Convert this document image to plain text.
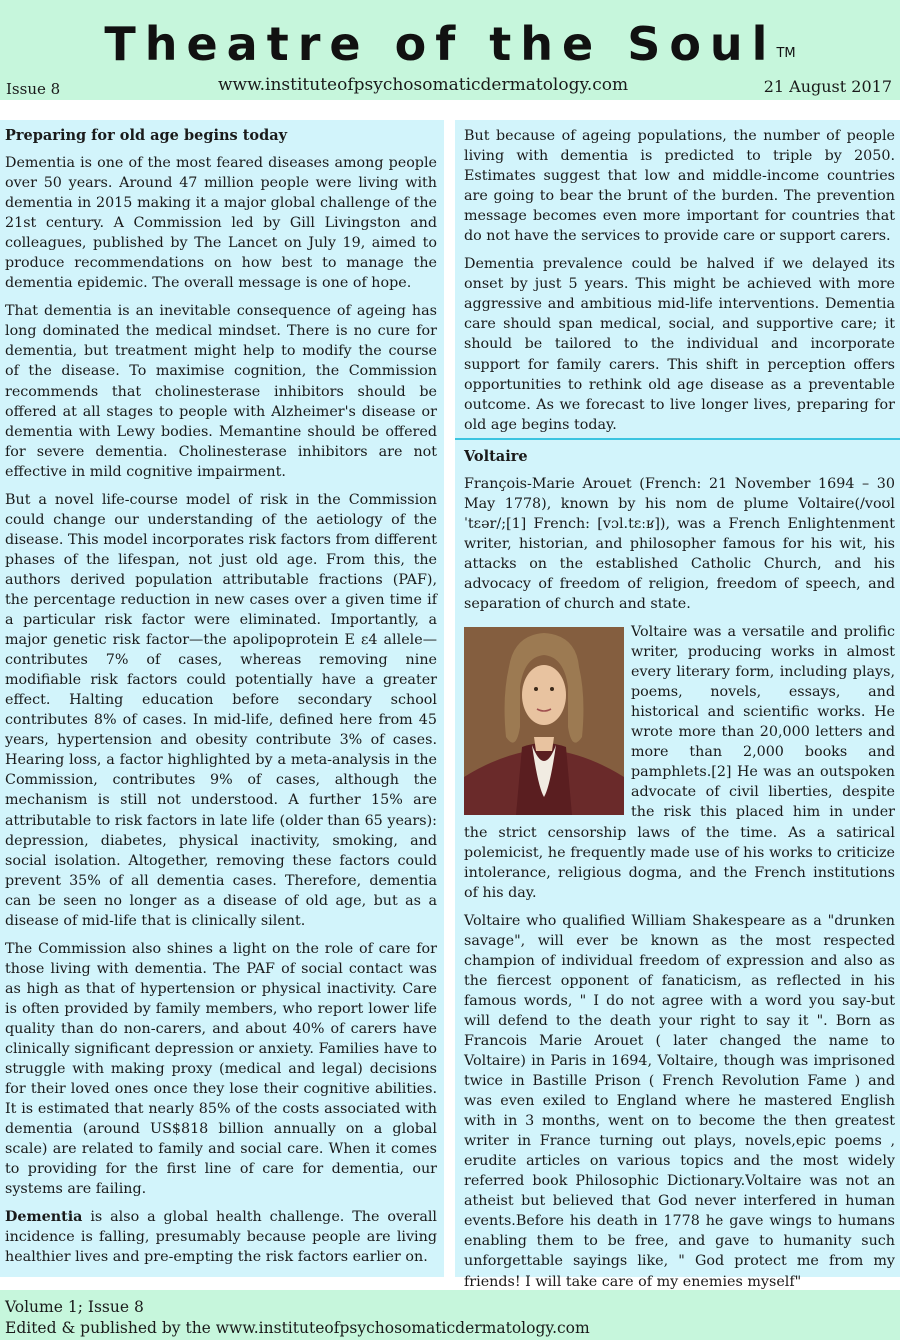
Theatre of the Soul™
Issue 8	www.instituteofpsychosomaticdermatology.com	21 August 2017
Preparing for old age begins today

Dementia is one of the most feared diseases among people over 50 years. Around 47 million people were living with dementia in 2015 making it a major global challenge of the 21st century. A Commission led by Gill Livingston and colleagues, published by The Lancet on July 19, aimed to produce recommendations on how best to manage the dementia epidemic. The overall message is one of hope.

That dementia is an inevitable consequence of ageing has long dominated the medical mindset. There is no cure for dementia, but treatment might help to modify the course of the disease. To maximise cognition, the Commission recommends that cholinesterase inhibitors should be offered at all stages to people with Alzheimer's disease or dementia with Lewy bodies. Memantine should be offered for severe dementia. Cholinesterase inhibitors are not effective in mild cognitive impairment.

But a novel life-course model of risk in the Commission could change our understanding of the aetiology of the disease. This model incorporates risk factors from different phases of the lifespan, not just old age. From this, the authors derived population attributable fractions (PAF), the percentage reduction in new cases over a given time if a particular risk factor were eliminated. Importantly, a major genetic risk factor—the apolipoprotein E ε4 allele—contributes 7% of cases, whereas removing nine modifiable risk factors could potentially have a greater effect. Halting education before secondary school contributes 8% of cases. In mid-life, defined here from 45 years, hypertension and obesity contribute 3% of cases. Hearing loss, a factor highlighted by a meta-analysis in the Commission, contributes 9% of cases, although the mechanism is still not understood. A further 15% are attributable to risk factors in late life (older than 65 years): depression, diabetes, physical inactivity, smoking, and social isolation. Altogether, removing these factors could prevent 35% of all dementia cases. Therefore, dementia can be seen no longer as a disease of old age, but as a disease of mid-life that is clinically silent.

The Commission also shines a light on the role of care for those living with dementia. The PAF of social contact was as high as that of hypertension or physical inactivity. Care is often provided by family members, who report lower life quality than do non-carers, and about 40% of carers have clinically significant depression or anxiety. Families have to struggle with making proxy (medical and legal) decisions for their loved ones once they lose their cognitive abilities. It is estimated that nearly 85% of the costs associated with dementia (around US$818 billion annually on a global scale) are related to family and social care. When it comes to providing for the first line of care for dementia, our systems are failing.

Dementia is also a global health challenge. The overall incidence is falling, presumably because people are living healthier lives and pre-empting the risk factors earlier on.

But because of ageing populations, the number of people living with dementia is predicted to triple by 2050. Estimates suggest that low and middle-income countries are going to bear the brunt of the burden. The prevention message becomes even more important for countries that do not have the services to provide care or support carers.

Dementia prevalence could be halved if we delayed its onset by just 5 years. This might be achieved with more aggressive and ambitious mid-life interventions. Dementia care should span medical, social, and supportive care; it should be tailored to the individual and incorporate support for family carers. This shift in perception offers opportunities to rethink old age disease as a preventable outcome. As we forecast to live longer lives, preparing for old age begins today.

Voltaire

François-Marie Arouet (French: 21 November 1694 – 30 May 1778), known by his nom de plume Voltaire(/voʊlˈtɛər/;[1] French: [vɔl.tɛːʁ]), was a French Enlightenment writer, historian, and philosopher famous for his wit, his attacks on the established Catholic Church, and his advocacy of freedom of religion, freedom of speech, and separation of church and state.

Voltaire was a versatile and prolific writer, producing works in almost every literary form, including plays, poems, novels, essays, and historical and scientific works. He wrote more than 20,000 letters and more than 2,000 books and pamphlets.[2] He was an outspoken advocate of civil liberties, despite the risk this placed him in under the strict censorship laws of the time. As a satirical polemicist, he frequently made use of his works to criticize intolerance, religious dogma, and the French institutions of his day.

Voltaire who qualified William Shakespeare as a "drunken savage", will ever be known as the most respected champion of individual freedom of expression and also as the fiercest opponent of fanaticism, as reflected in his famous words, " I do not agree with a word you say-but will defend to the death your right to say it ". Born as Francois Marie Arouet ( later changed the name to Voltaire) in Paris in 1694, Voltaire, though was imprisoned twice in Bastille Prison ( French Revolution Fame ) and was even exiled to England where he mastered English with in 3 months, went on to become the then greatest writer in France turning out plays, novels,epic poems , erudite articles on various topics and the most widely referred book Philosophic Dictionary.Voltaire was not an atheist but believed that God never interfered in human events.Before his death in 1778 he gave wings to humans enabling them to be free, and gave to humanity such unforgettable sayings like, " God protect me from my friends! I will take care of my enemies myself"

Volume 1; Issue 8
Edited & published by the www.instituteofpsychosomaticdermatology.com
